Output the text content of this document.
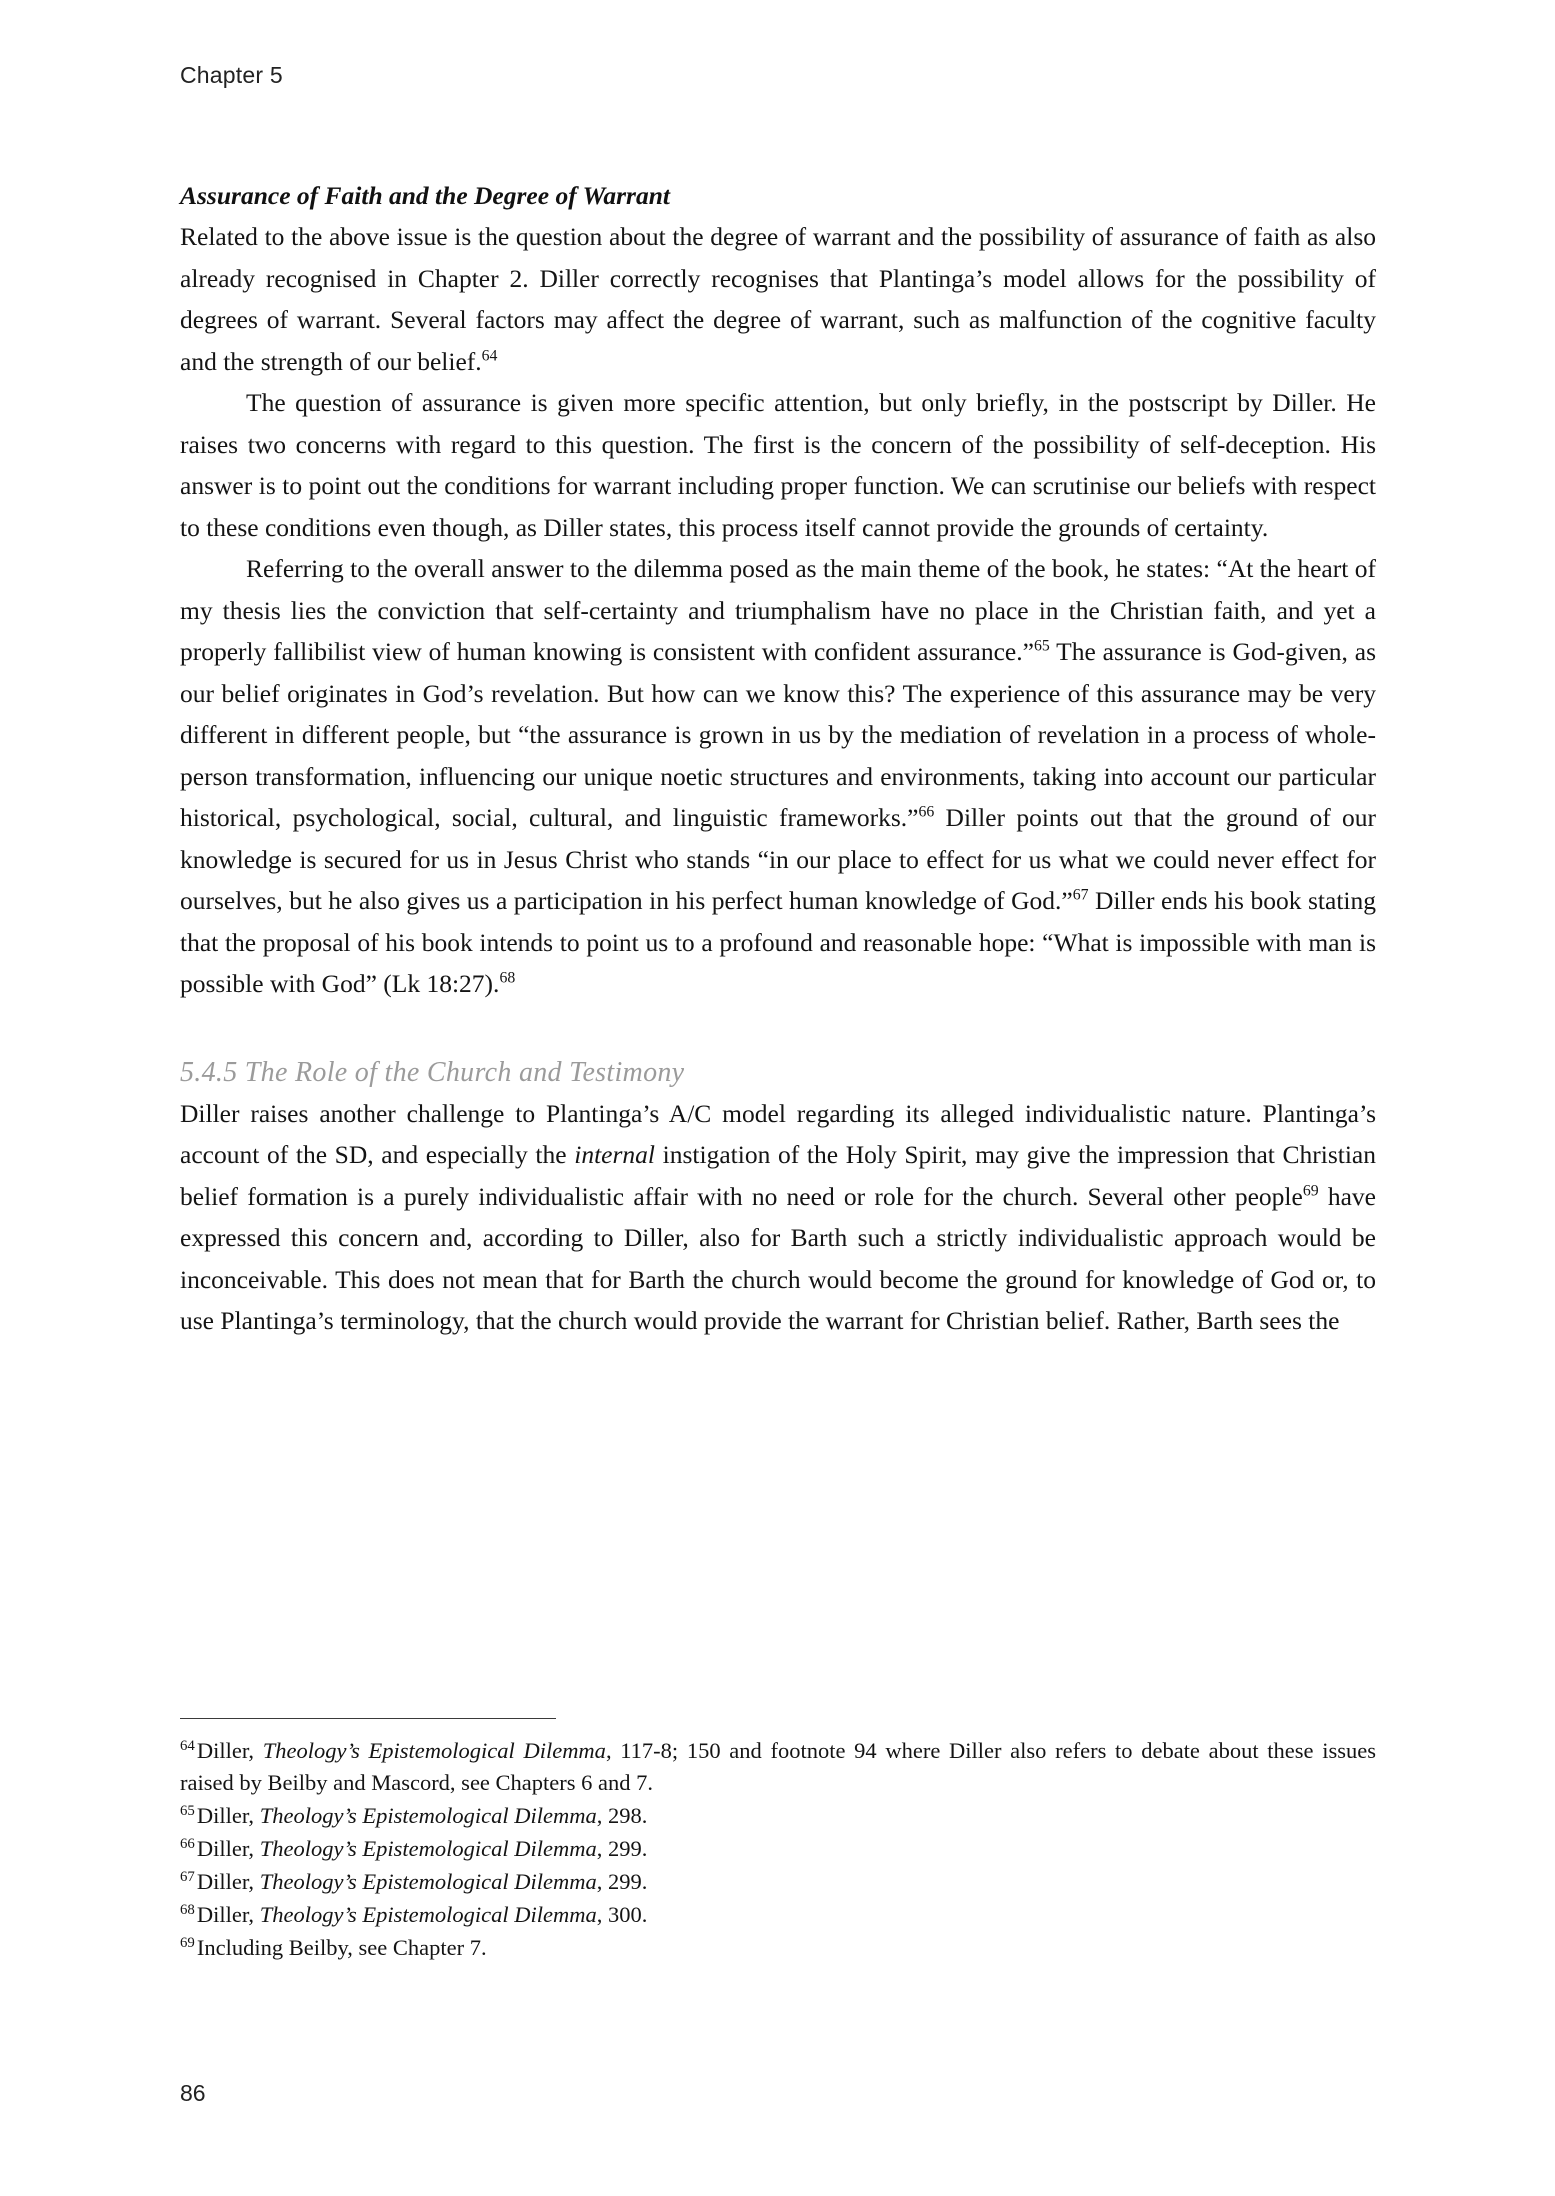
Chapter 5
Assurance of Faith and the Degree of Warrant

Related to the above issue is the question about the degree of warrant and the possibility of assurance of faith as also already recognised in Chapter 2. Diller correctly recognises that Plantinga’s model allows for the possibility of degrees of warrant. Several factors may affect the degree of warrant, such as malfunction of the cognitive faculty and the strength of our belief.$^{64}$

The question of assurance is given more specific attention, but only briefly, in the postscript by Diller. He raises two concerns with regard to this question. The first is the concern of the possibility of self-deception. His answer is to point out the conditions for warrant including proper function. We can scrutinise our beliefs with respect to these conditions even though, as Diller states, this process itself cannot provide the grounds of certainty.

Referring to the overall answer to the dilemma posed as the main theme of the book, he states: “At the heart of my thesis lies the conviction that self-certainty and triumphalism have no place in the Christian faith, and yet a properly fallibilist view of human knowing is consistent with confident assurance.”$^{65}$ The assurance is God-given, as our belief originates in God’s revelation. But how can we know this? The experience of this assurance may be very different in different people, but “the assurance is grown in us by the mediation of revelation in a process of whole-person transformation, influencing our unique noetic structures and environments, taking into account our particular historical, psychological, social, cultural, and linguistic frameworks.”$^{66}$ Diller points out that the ground of our knowledge is secured for us in Jesus Christ who stands “in our place to effect for us what we could never effect for ourselves, but he also gives us a participation in his perfect human knowledge of God.”$^{67}$ Diller ends his book stating that the proposal of his book intends to point us to a profound and reasonable hope: “What is impossible with man is possible with God” (Lk 18:27).$^{68}$

5.4.5 The Role of the Church and Testimony

Diller raises another challenge to Plantinga’s A/C model regarding its alleged individualistic nature. Plantinga’s account of the SD, and especially the internal instigation of the Holy Spirit, may give the impression that Christian belief formation is a purely individualistic affair with no need or role for the church. Several other people$^{69}$ have expressed this concern and, according to Diller, also for Barth such a strictly individualistic approach would be inconceivable. This does not mean that for Barth the church would become the ground for knowledge of God or, to use Plantinga’s terminology, that the church would provide the warrant for Christian belief. Rather, Barth sees the

$^{64}$Diller, Theology’s Epistemological Dilemma, 117-8; 150 and footnote 94 where Diller also refers to debate about these issues raised by Beilby and Mascord, see Chapters 6 and 7.

$^{65}$Diller, Theology’s Epistemological Dilemma, 298.

$^{66}$Diller, Theology’s Epistemological Dilemma, 299.

$^{67}$Diller, Theology’s Epistemological Dilemma, 299.

$^{68}$Diller, Theology’s Epistemological Dilemma, 300.

$^{69}$Including Beilby, see Chapter 7.

86
